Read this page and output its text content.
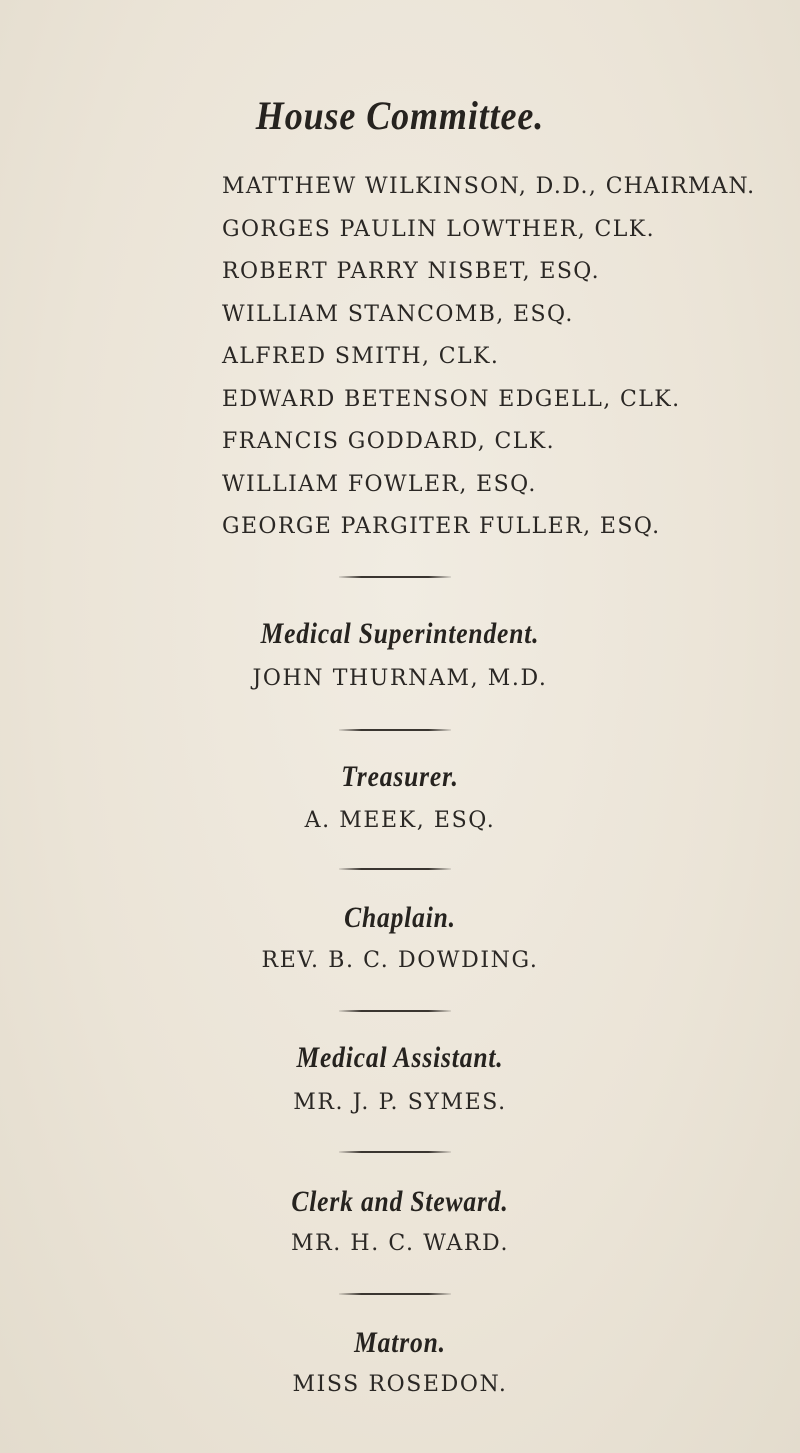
House Committee.
MATTHEW WILKINSON, D.D., CHAIRMAN.
GORGES PAULIN LOWTHER, CLK.
ROBERT PARRY NISBET, ESQ.
WILLIAM STANCOMB, ESQ.
ALFRED SMITH, CLK.
EDWARD BETENSON EDGELL, CLK.
FRANCIS GODDARD, CLK.
WILLIAM FOWLER, ESQ.
GEORGE PARGITER FULLER, ESQ.
Medical Superintendent.
JOHN THURNAM, M.D.
Treasurer.
A. MEEK, ESQ.
Chaplain.
REV. B. C. DOWDING.
Medical Assistant.
MR. J. P. SYMES.
Clerk and Steward.
MR. H. C. WARD.
Matron.
MISS ROSEDON.
